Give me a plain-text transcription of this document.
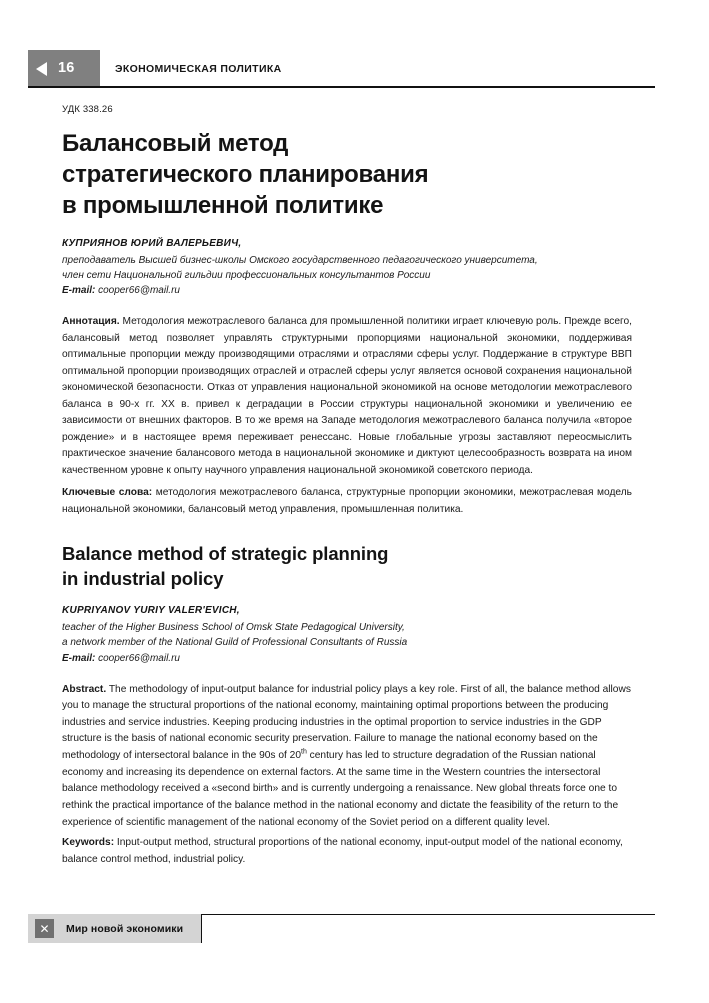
16	ЭКОНОМИЧЕСКАЯ ПОЛИТИКА

УДК 338.26

Балансовый метод
стратегического планирования
в промышленной политике

КУПРИЯНОВ ЮРИЙ ВАЛЕРЬЕВИЧ,

преподаватель Высшей бизнес-школы Омского государственного педагогического университета,

член сети Национальной гильдии профессиональных консультантов России

E-mail: cooper66@mail.ru

Аннотация. Методология межотраслевого баланса для промышленной политики играет ключевую роль. Прежде всего, балансовый метод позволяет управлять структурными пропорциями национальной экономики, поддерживая оптимальные пропорции между производящими отраслями и отраслями сферы услуг. Поддержание в структуре ВВП оптимальной пропорции производящих отраслей и отраслей сферы услуг является основой сохранения национальной экономической безопасности. Отказ от управления национальной экономикой на основе методологии межотраслевого баланса в 90-х гг. XX в. привел к деградации в России структуры национальной экономики и увеличению ее зависимости от внешних факторов. В то же время на Западе методология межотраслевого баланса получила «второе рождение» и в настоящее время переживает ренессанс. Новые глобальные угрозы заставляют переосмыслить практическое значение балансового метода в национальной экономике и диктуют целесообразность возврата на ином качественном уровне к опыту научного управления национальной экономикой советского периода.

Ключевые слова: методология межотраслевого баланса, структурные пропорции экономики, межотраслевая модель национальной экономики, балансовый метод управления, промышленная политика.

Balance method of strategic planning
in industrial policy

KUPRIYANOV YURIY VALER'EVICH,

teacher of the Higher Business School of Omsk State Pedagogical University,

a network member of the National Guild of Professional Consultants of Russia

E-mail: cooper66@mail.ru

Abstract. The methodology of input-output balance for industrial policy plays a key role. First of all, the balance method allows you to manage the structural proportions of the national economy, maintaining optimal proportions between the producing industries and service industries. Keeping producing industries in the optimal proportion to service industries in the GDP structure is the basis of national economic security preservation. Failure to manage the national economy based on the methodology of intersectoral balance in the 90s of 20th century has led to structure degradation of the Russian national economy and increasing its dependence on external factors. At the same time in the Western countries the intersectoral balance methodology received a «second birth» and is currently undergoing a renaissance. New global threats force one to rethink the practical importance of the balance method in the national economy and dictate the feasibility of the return to the experience of scientific management of the national economy of the Soviet period on a different quality level.

Keywords: Input-output method, structural proportions of the national economy, input-output model of the national economy, balance control method, industrial policy.

✕	Мир новой экономики
